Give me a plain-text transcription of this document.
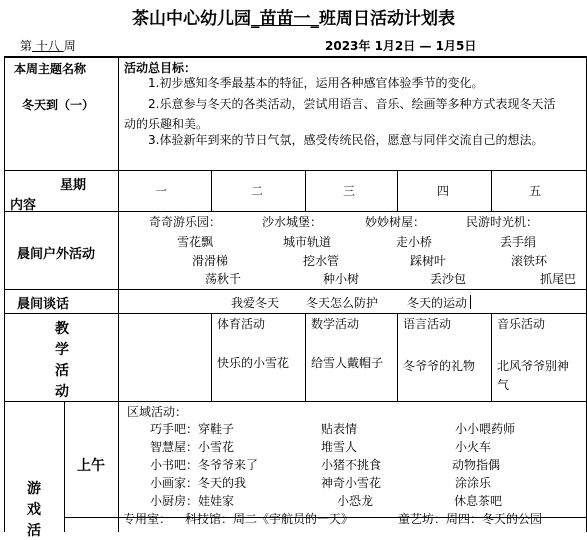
茶山中心幼儿园_苗苗一_班周日活动计划表
第 十八 周	2023年 1月2日 — 1月5日
本周主题名称
冬天到（一）
活动总目标：
1.初步感知冬季最基本的特征，运用各种感官体验季节的变化。
2.乐意参与冬天的各类活动，尝试用语言、音乐、绘画等多种方式表现冬天活
动的乐趣和美。
3.体验新年到来的节日气氛，感受传统民俗，愿意与同伴交流自己的想法。
星期
内容
一	二	三	四	五
晨间户外活动
奇奇游乐园：	沙水城堡：	妙妙树屋：	民游时光机：
雪花飘	城市轨道	走小桥	丢手绢
滑滑梯	挖水管	踩树叶	滚铁环
荡秋千	种小树	丢沙包	抓尾巴
晨间谈话	我爱冬天 冬天怎么防护 冬天的运动
教
学
活
动
体育活动	数学活动	语言活动	音乐活动
快乐的小雪花 给雪人戴帽子 冬爷爷的礼物 北风爷爷别神
气
游
戏
活
上午
区域活动：
巧手吧：穿鞋子	贴表情	小小喂药师
智慧屋：小雪花	堆雪人	小火车
小书吧：冬爷爷来了	小猪不挑食	动物指偶
小画家：冬天的我	神奇小雪花	涂涂乐
小厨房：娃娃家	小恐龙	休息茶吧
专用室： 科技馆：周二《宇航员的一天》	童艺坊：周四：冬天的公园
